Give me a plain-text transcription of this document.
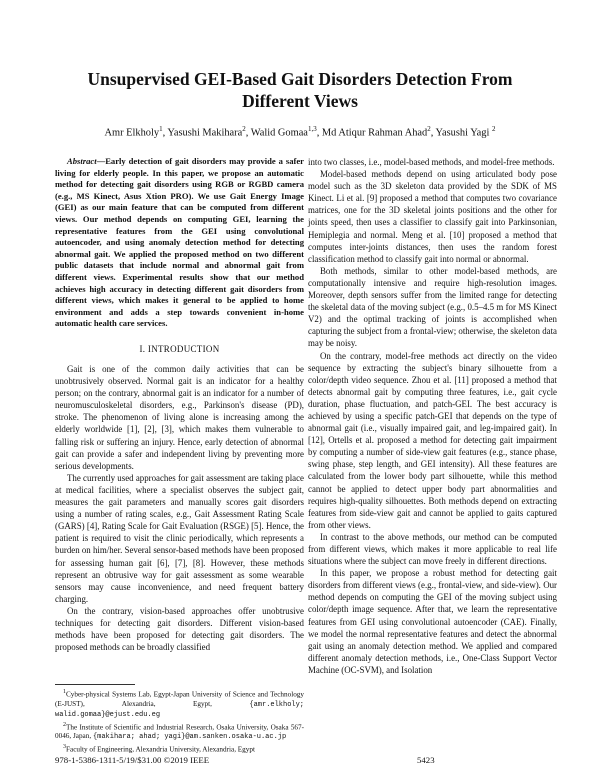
Unsupervised GEI-Based Gait Disorders Detection From Different Views
Amr Elkholy$^1$, Yasushi Makihara$^2$, Walid Gomaa$^{1,3}$, Md Atiqur Rahman Ahad$^2$, Yasushi Yagi $^2$

Abstract—Early detection of gait disorders may provide a safer living for elderly people. In this paper, we propose an automatic method for detecting gait disorders using RGB or RGBD camera (e.g., MS Kinect, Asus Xtion PRO). We use Gait Energy Image (GEI) as our main feature that can be computed from different views. Our method depends on computing GEI, learning the representative features from the GEI using convolutional autoencoder, and using anomaly detection method for detecting abnormal gait. We applied the proposed method on two different public datasets that include normal and abnormal gait from different views. Experimental results show that our method achieves high accuracy in detecting different gait disorders from different views, which makes it general to be applied to home environment and adds a step towards convenient in-home automatic health care services.

I. INTRODUCTION

Gait is one of the common daily activities that can be unobtrusively observed. Normal gait is an indicator for a healthy person; on the contrary, abnormal gait is an indicator for a number of neuromusculoskeletal disorders, e.g., Parkinson's disease (PD), stroke. The phenomenon of living alone is increasing among the elderly worldwide [1], [2], [3], which makes them vulnerable to falling risk or suffering an injury. Hence, early detection of abnormal gait can provide a safer and independent living by preventing more serious developments.

The currently used approaches for gait assessment are taking place at medical facilities, where a specialist observes the subject gait, measures the gait parameters and manually scores gait disorders using a number of rating scales, e.g., Gait Assessment Rating Scale (GARS) [4], Rating Scale for Gait Evaluation (RSGE) [5]. Hence, the patient is required to visit the clinic periodically, which represents a burden on him/her. Several sensor-based methods have been proposed for assessing human gait [6], [7], [8]. However, these methods represent an obtrusive way for gait assessment as some wearable sensors may cause inconvenience, and need frequent battery charging.

On the contrary, vision-based approaches offer unobtrusive techniques for detecting gait disorders. Different vision-based methods have been proposed for detecting gait disorders. The proposed methods can be broadly classified

$^1$Cyber-physical Systems Lab, Egypt-Japan University of Science and Technology (E-JUST), Alexandria, Egypt,	{amr.elkholy; walid.gomaa}@ejust.edu.eg

$^2$The Institute of Scientific and Industrial Research, Osaka University, Osaka 567-0046, Japan, {makihara; ahad; yagi}@am.sanken.osaka-u.ac.jp

$^3$Faculty of Engineering, Alexandria University, Alexandria, Egypt

into two classes, i.e., model-based methods, and model-free methods.

Model-based methods depend on using articulated body pose model such as the 3D skeleton data provided by the SDK of MS Kinect. Li et al. [9] proposed a method that computes two covariance matrices, one for the 3D skeletal joints positions and the other for joints speed, then uses a classifier to classify gait into Parkinsonian, Hemiplegia and normal. Meng et al. [10] proposed a method that computes inter-joints distances, then uses the random forest classification method to classify gait into normal or abnormal.

Both methods, similar to other model-based methods, are computationally intensive and require high-resolution images. Moreover, depth sensors suffer from the limited range for detecting the skeletal data of the moving subject (e.g., 0.5–4.5 m for MS Kinect V2) and the optimal tracking of joints is accomplished when capturing the subject from a frontal-view; otherwise, the skeleton data may be noisy.

On the contrary, model-free methods act directly on the video sequence by extracting the subject's binary silhouette from a color/depth video sequence. Zhou et al. [11] proposed a method that detects abnormal gait by computing three features, i.e., gait cycle duration, phase fluctuation, and patch-GEI. The best accuracy is achieved by using a specific patch-GEI that depends on the type of abnormal gait (i.e., visually impaired gait, and leg-impaired gait). In [12], Ortells et al. proposed a method for detecting gait impairment by computing a number of side-view gait features (e.g., stance phase, swing phase, step length, and GEI intensity). All these features are calculated from the lower body part silhouette, while this method cannot be applied to detect upper body part abnormalities and requires high-quality silhouettes. Both methods depend on extracting features from side-view gait and cannot be applied to gaits captured from other views.

In contrast to the above methods, our method can be computed from different views, which makes it more applicable to real life situations where the subject can move freely in different directions.

In this paper, we propose a robust method for detecting gait disorders from different views (e.g., frontal-view, and side-view). Our method depends on computing the GEI of the moving subject using color/depth image sequence. After that, we learn the representative features from GEI using convolutional autoencoder (CAE). Finally, we model the normal representative features and detect the abnormal gait using an anomaly detection method. We applied and compared different anomaly detection methods, i.e., One-Class Support Vector Machine (OC-SVM), and Isolation

978-1-5386-1311-5/19/$31.00 ©2019 IEEE	5423
